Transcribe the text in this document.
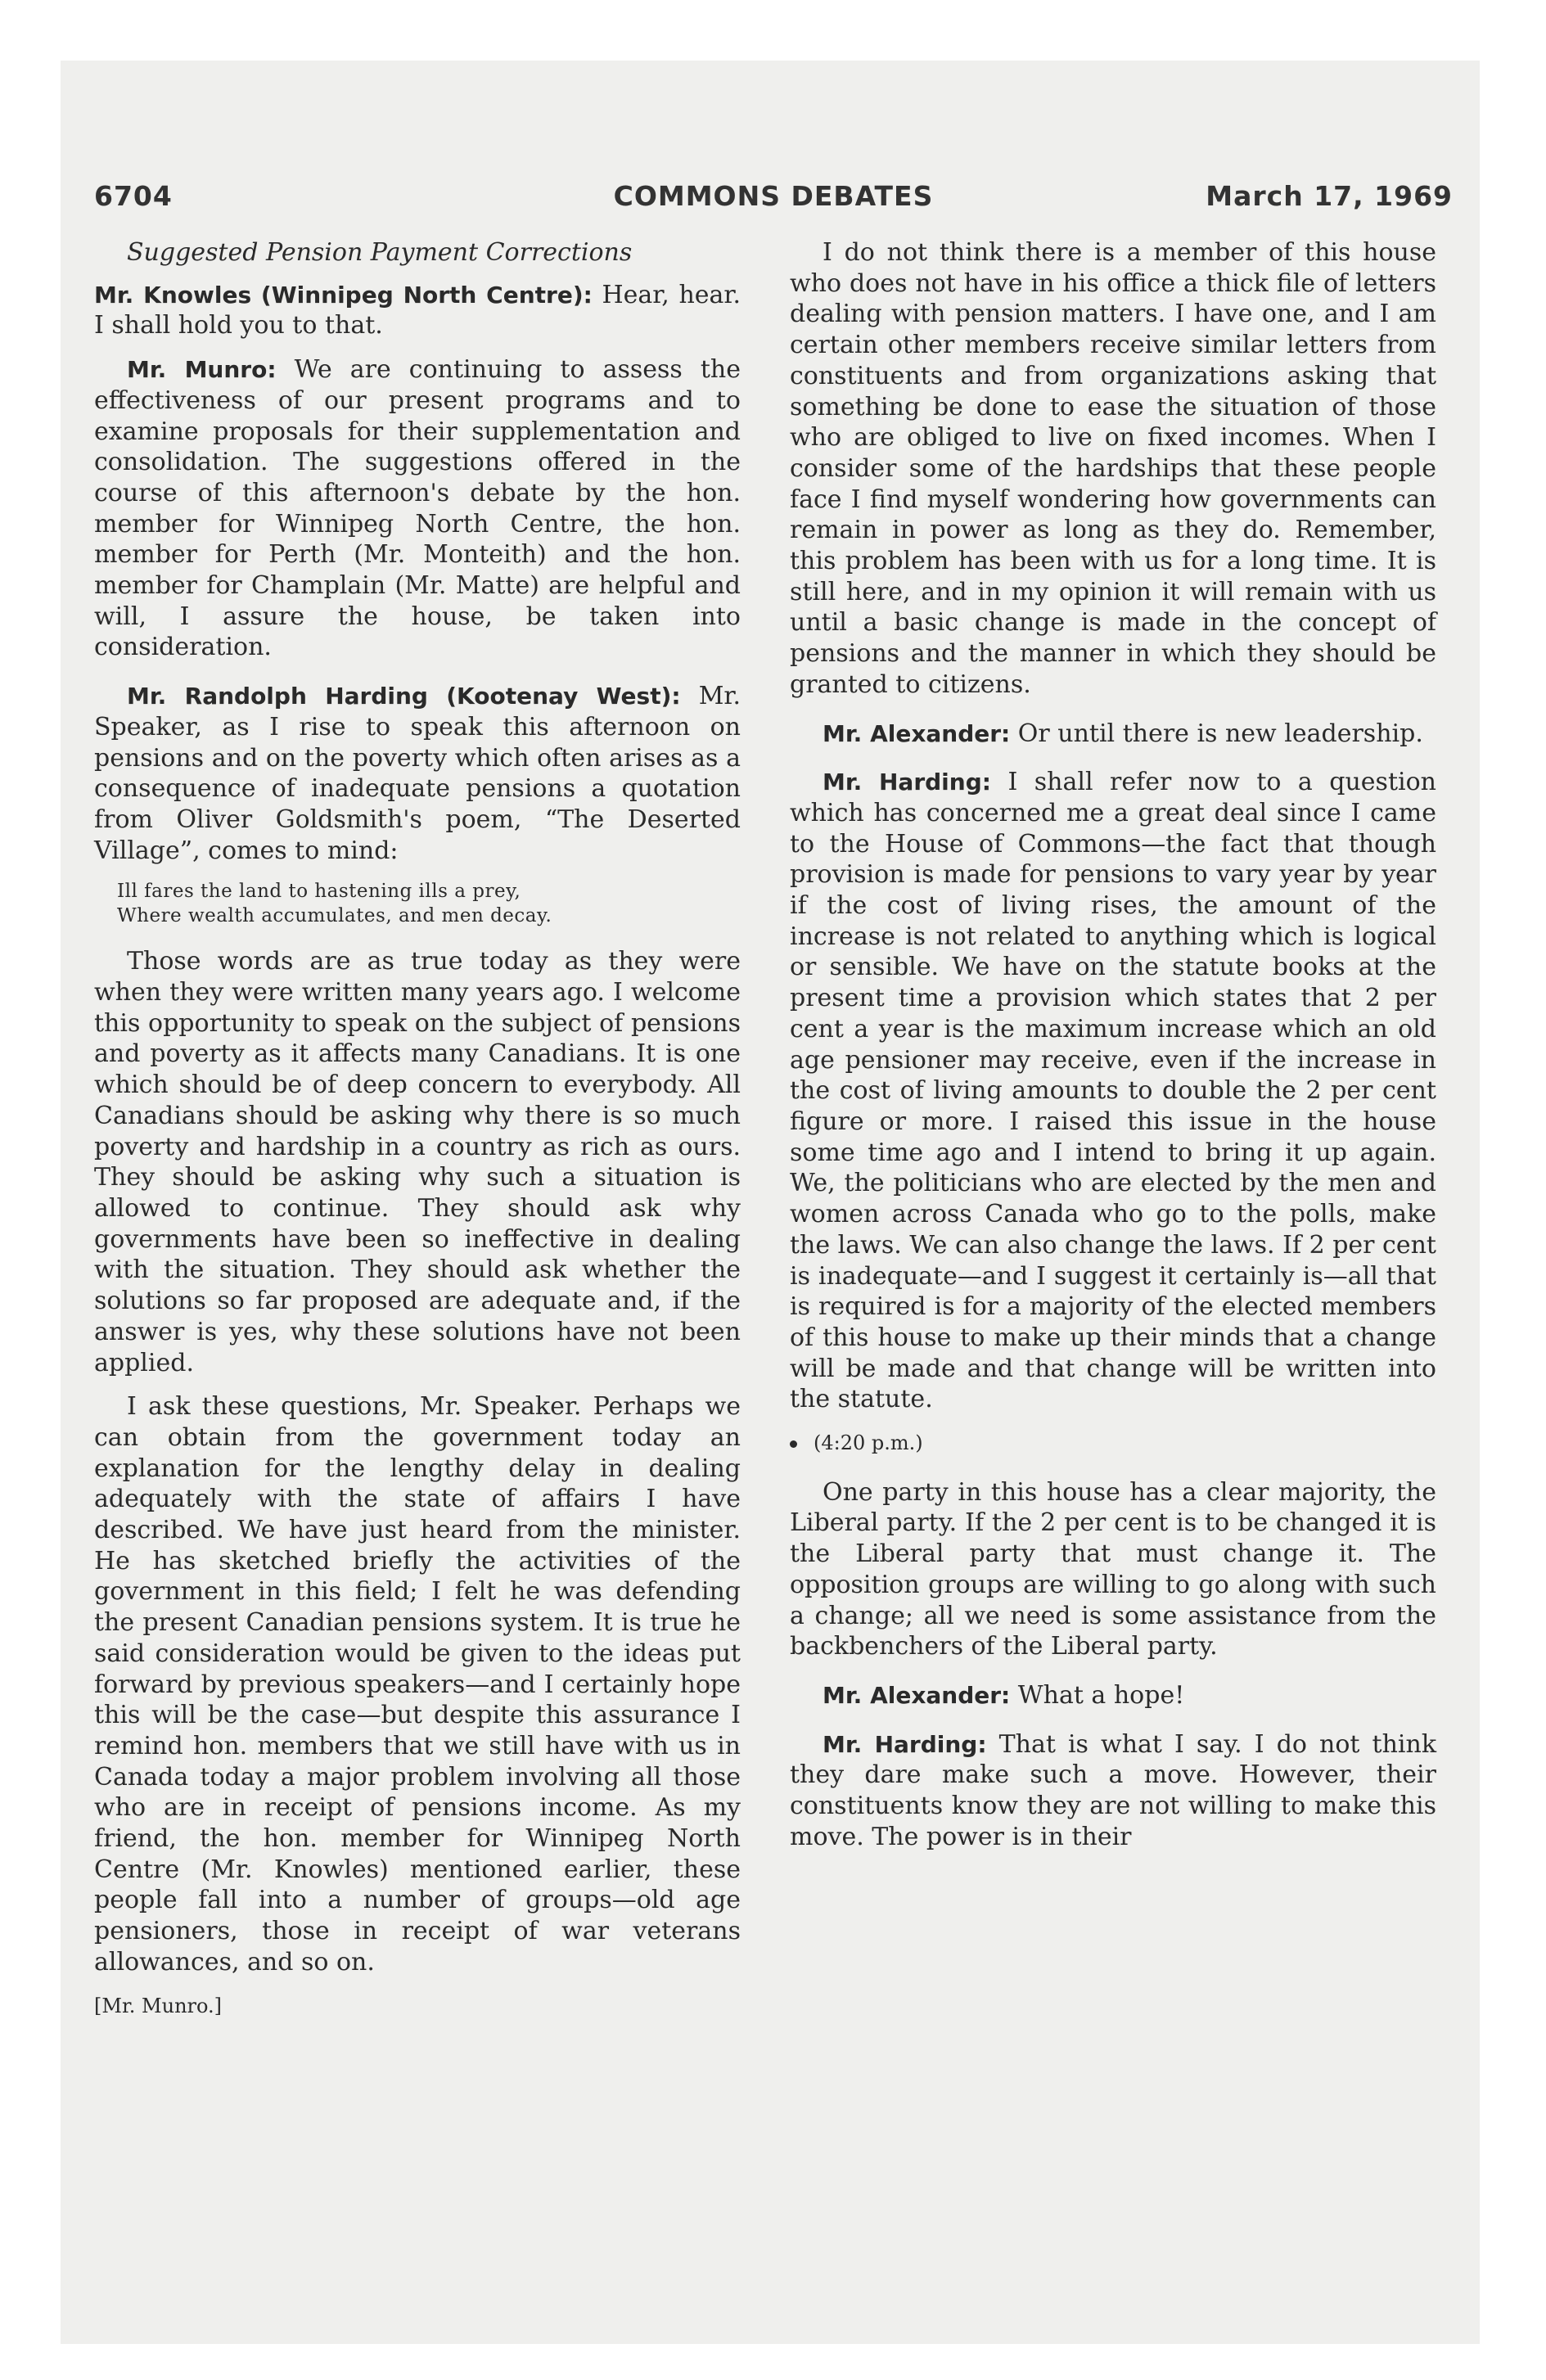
6704	COMMONS DEBATES	March 17, 1969
Suggested Pension Payment Corrections

Mr. Knowles (Winnipeg North Centre): Hear, hear. I shall hold you to that.

Mr. Munro: We are continuing to assess the effectiveness of our present programs and to examine proposals for their supplementation and consolidation. The suggestions offered in the course of this afternoon's debate by the hon. member for Winnipeg North Centre, the hon. member for Perth (Mr. Monteith) and the hon. member for Champlain (Mr. Matte) are helpful and will, I assure the house, be taken into consideration.

Mr. Randolph Harding (Kootenay West): Mr. Speaker, as I rise to speak this afternoon on pensions and on the poverty which often arises as a consequence of inadequate pensions a quotation from Oliver Goldsmith's poem, “The Deserted Village”, comes to mind:

Ill fares the land to hastening ills a prey,
Where wealth accumulates, and men decay.

Those words are as true today as they were when they were written many years ago. I welcome this opportunity to speak on the subject of pensions and poverty as it affects many Canadians. It is one which should be of deep concern to everybody. All Canadians should be asking why there is so much poverty and hardship in a country as rich as ours. They should be asking why such a situation is allowed to continue. They should ask why governments have been so ineffective in dealing with the situation. They should ask whether the solutions so far proposed are adequate and, if the answer is yes, why these solutions have not been applied.

I ask these questions, Mr. Speaker. Perhaps we can obtain from the government today an explanation for the lengthy delay in dealing adequately with the state of affairs I have described. We have just heard from the minister. He has sketched briefly the activities of the government in this field; I felt he was defending the present Canadian pensions system. It is true he said consideration would be given to the ideas put forward by previous speakers—and I certainly hope this will be the case—but despite this assurance I remind hon. members that we still have with us in Canada today a major problem involving all those who are in receipt of pensions income. As my friend, the hon. member for Winnipeg North Centre (Mr. Knowles) mentioned earlier, these people fall into a number of groups—old age pensioners, those in receipt of war veterans allowances, and so on.

[Mr. Munro.]

I do not think there is a member of this house who does not have in his office a thick file of letters dealing with pension matters. I have one, and I am certain other members receive similar letters from constituents and from organizations asking that something be done to ease the situation of those who are obliged to live on fixed incomes. When I consider some of the hardships that these people face I find myself wondering how governments can remain in power as long as they do. Remember, this problem has been with us for a long time. It is still here, and in my opinion it will remain with us until a basic change is made in the concept of pensions and the manner in which they should be granted to citizens.

Mr. Alexander: Or until there is new leadership.

Mr. Harding: I shall refer now to a question which has concerned me a great deal since I came to the House of Commons—the fact that though provision is made for pensions to vary year by year if the cost of living rises, the amount of the increase is not related to anything which is logical or sensible. We have on the statute books at the present time a provision which states that 2 per cent a year is the maximum increase which an old age pensioner may receive, even if the increase in the cost of living amounts to double the 2 per cent figure or more. I raised this issue in the house some time ago and I intend to bring it up again. We, the politicians who are elected by the men and women across Canada who go to the polls, make the laws. We can also change the laws. If 2 per cent is inadequate—and I suggest it certainly is—all that is required is for a majority of the elected members of this house to make up their minds that a change will be made and that change will be written into the statute.

(4:20 p.m.)

One party in this house has a clear majority, the Liberal party. If the 2 per cent is to be changed it is the Liberal party that must change it. The opposition groups are willing to go along with such a change; all we need is some assistance from the backbenchers of the Liberal party.

Mr. Alexander: What a hope!

Mr. Harding: That is what I say. I do not think they dare make such a move. However, their constituents know they are not willing to make this move. The power is in their
